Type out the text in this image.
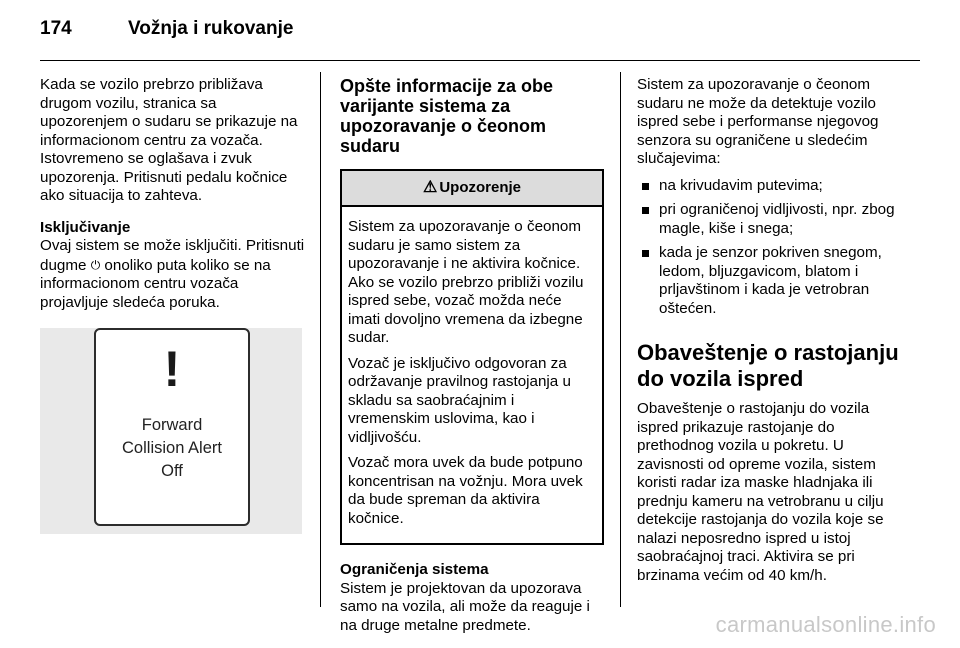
174	Vožnja i rukovanje

Kada se vozilo prebrzo približava drugom vozilu, stranica sa upozorenjem o sudaru se prikazuje na informacionom centru za vozača. Istovremeno se oglašava i zvuk upozorenja. Pritisnuti pedalu kočnice ako situacija to zahteva.

Isključivanje

Ovaj sistem se može isključiti. Pritisnuti dugme ⏻ onoliko puta koliko se na informacionom centru vozača projavljuje sledeća poruka.

!
Forward
Collision Alert
Off
Opšte informacije za obe varijante sistema za upozoravanje o čeonom sudaru
⚠ Upozorenje

Sistem za upozoravanje o čeonom sudaru je samo sistem za upozoravanje i ne aktivira kočnice. Ako se vozilo prebrzo približi vozilu ispred sebe, vozač možda neće imati dovoljno vremena da izbegne sudar.

Vozač je isključivo odgovoran za održavanje pravilnog rastojanja u skladu sa saobraćajnim i vremenskim uslovima, kao i vidljivošću.

Vozač mora uvek da bude potpuno koncentrisan na vožnju. Mora uvek da bude spreman da aktivira kočnice.

Ograničenja sistema

Sistem je projektovan da upozorava samo na vozila, ali može da reaguje i na druge metalne predmete.

Sistem za upozoravanje o čeonom sudaru ne može da detektuje vozilo ispred sebe i performanse njegovog senzora su ograničene u sledećim slučajevima:

na krivudavim putevima;
pri ograničenoj vidljivosti, npr. zbog magle, kiše i snega;
kada je senzor pokriven snegom, ledom, bljuzgavicom, blatom i prljavštinom i kada je vetrobran oštećen.
Obaveštenje o rastojanju do vozila ispred

Obaveštenje o rastojanju do vozila ispred prikazuje rastojanje do prethodnog vozila u pokretu. U zavisnosti od opreme vozila, sistem koristi radar iza maske hladnjaka ili prednju kameru na vetrobranu u cilju detekcije rastojanja do vozila koje se nalazi neposredno ispred u istoj saobraćajnoj traci. Aktivira se pri brzinama većim od 40 km/h.

carmanualsonline.info
